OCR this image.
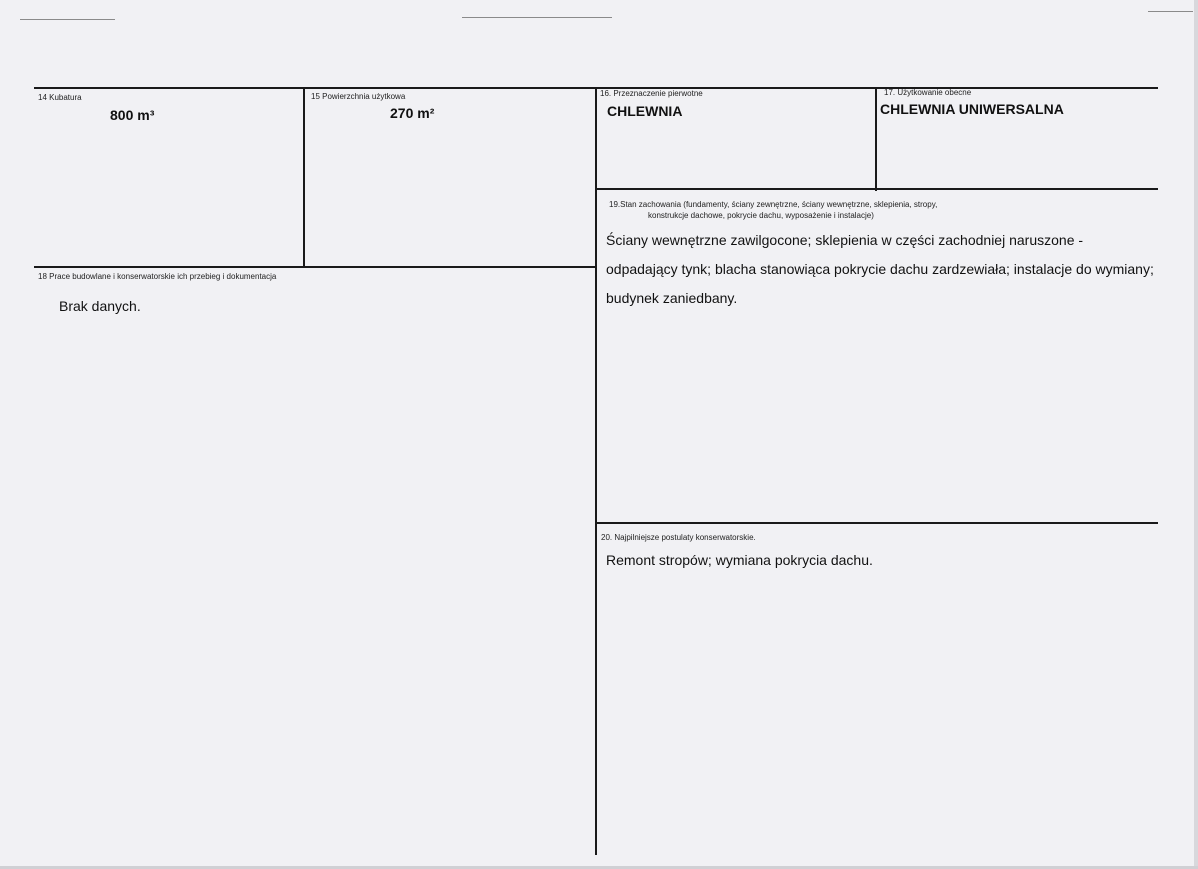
14 Kubatura
800 m³
15 Powierzchnia użytkowa
270 m²
16. Przeznaczenie pierwotne
CHLEWNIA
17. Użytkowanie obecne
CHLEWNIA UNIWERSALNA
18 Prace budowlane i konserwatorskie ich przebieg i dokumentacja
Brak danych.
19.Stan zachowania (fundamenty, ściany zewnętrzne, ściany wewnętrzne, sklepienia, stropy,
konstrukcje dachowe, pokrycie dachu, wyposażenie i instalacje)
Ściany wewnętrzne zawilgocone; sklepienia w części zachodniej naruszone -
odpadający tynk; blacha stanowiąca pokrycie dachu zardzewiała; instalacje do wymiany;
budynek zaniedbany.
20. Najpilniejsze postulaty konserwatorskie.
Remont stropów; wymiana pokrycia dachu.
